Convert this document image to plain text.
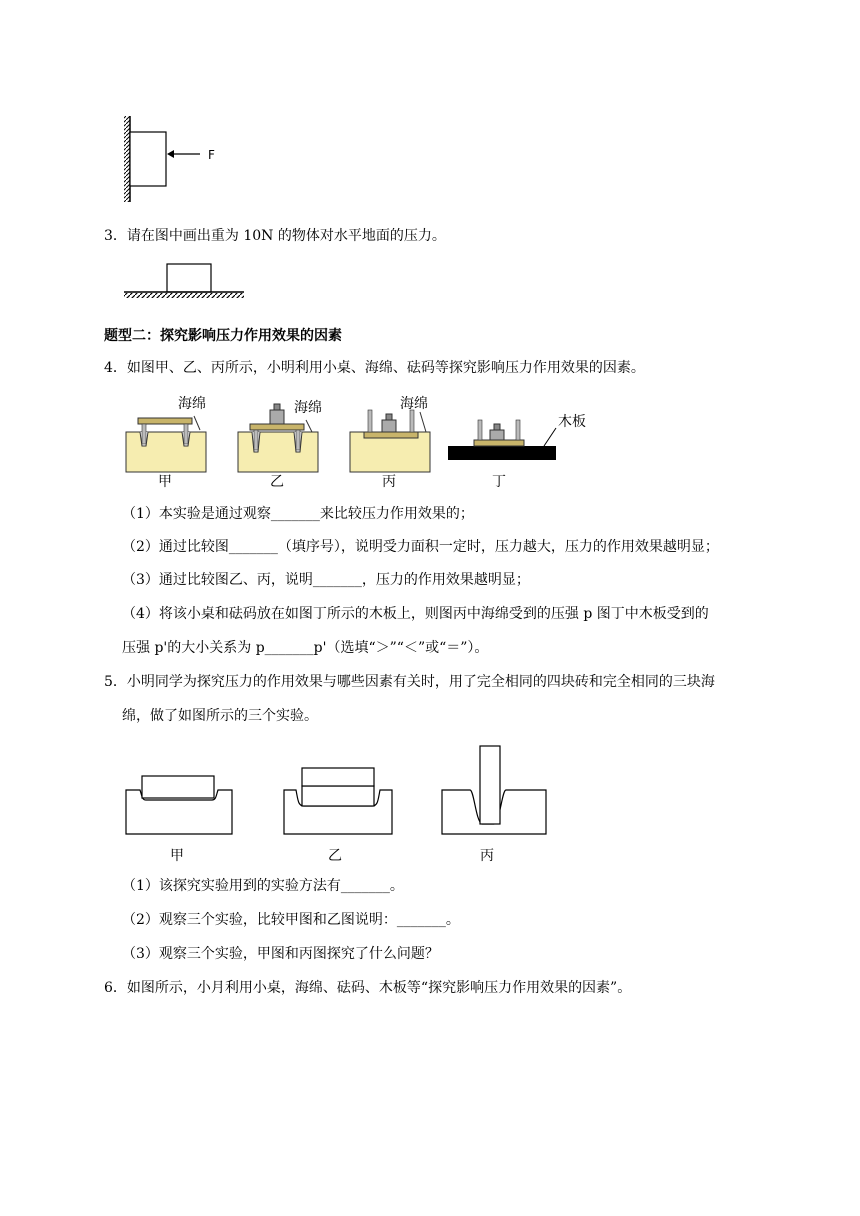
F
3．请在图中画出重为 10N 的物体对水平地面的压力。
题型二：探究影响压力作用效果的因素
4．如图甲、乙、丙所示，小明利用小桌、海绵、砝码等探究影响压力作用效果的因素。
海绵
甲
海绵
乙
海绵
丙
木板
丁
（1）本实验是通过观察_______来比较压力作用效果的；
（2）通过比较图_______（填序号），说明受力面积一定时，压力越大，压力的作用效果越明显；
（3）通过比较图乙、丙，说明_______，压力的作用效果越明显；
（4）将该小桌和砝码放在如图丁所示的木板上，则图丙中海绵受到的压强 p 图丁中木板受到的
压强 p'的大小关系为 p_______p'（选填“＞”“＜”或“＝”）。
5．小明同学为探究压力的作用效果与哪些因素有关时，用了完全相同的四块砖和完全相同的三块海
绵，做了如图所示的三个实验。
甲	乙	丙
（1）该探究实验用到的实验方法有_______。
（2）观察三个实验，比较甲图和乙图说明：_______。
（3）观察三个实验，甲图和丙图探究了什么问题？
6．如图所示，小月利用小桌，海绵、砝码、木板等“探究影响压力作用效果的因素”。
